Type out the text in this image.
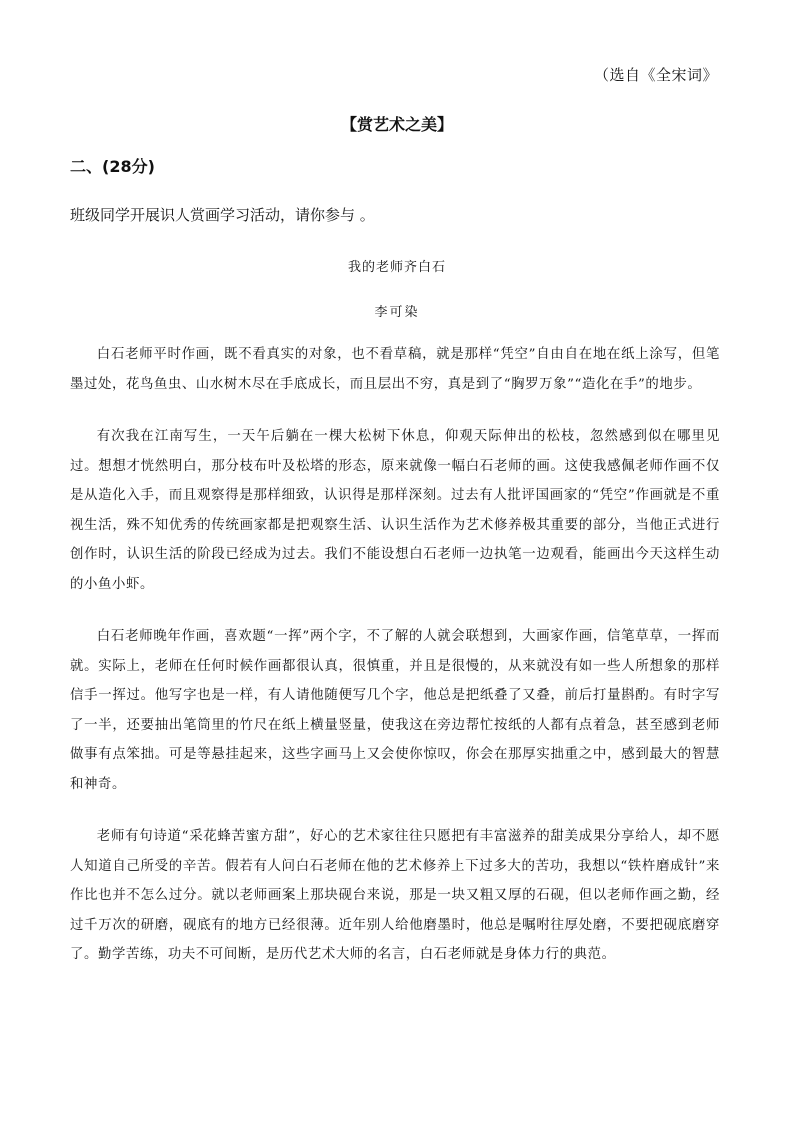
（选自《全宋词》
【赏艺术之美】
二、(28分)
班级同学开展识人赏画学习活动，请你参与 。
我的老师齐白石
李可染

白石老师平时作画，既不看真实的对象，也不看草稿，就是那样“凭空”自由自在地在纸上涂写，但笔墨过处，花鸟鱼虫、山水树木尽在手底成长，而且层出不穷，真是到了“胸罗万象”“造化在手”的地步。

有次我在江南写生，一天午后躺在一棵大松树下休息，仰观天际伸出的松枝，忽然感到似在哪里见过。想想才恍然明白，那分枝布叶及松塔的形态，原来就像一幅白石老师的画。这使我感佩老师作画不仅是从造化入手，而且观察得是那样细致，认识得是那样深刻。过去有人批评国画家的“凭空”作画就是不重视生活，殊不知优秀的传统画家都是把观察生活、认识生活作为艺术修养极其重要的部分，当他正式进行创作时，认识生活的阶段已经成为过去。我们不能设想白石老师一边执笔一边观看，能画出今天这样生动的小鱼小虾。

白石老师晚年作画，喜欢题“一挥”两个字，不了解的人就会联想到，大画家作画，信笔草草，一挥而就。实际上，老师在任何时候作画都很认真，很慎重，并且是很慢的，从来就没有如一些人所想象的那样信手一挥过。他写字也是一样，有人请他随便写几个字，他总是把纸叠了又叠，前后打量斟酌。有时字写了一半，还要抽出笔筒里的竹尺在纸上横量竖量，使我这在旁边帮忙按纸的人都有点着急，甚至感到老师做事有点笨拙。可是等悬挂起来，这些字画马上又会使你惊叹，你会在那厚实拙重之中，感到最大的智慧和神奇。

老师有句诗道“采花蜂苦蜜方甜”，好心的艺术家往往只愿把有丰富滋养的甜美成果分享给人，却不愿人知道自己所受的辛苦。假若有人问白石老师在他的艺术修养上下过多大的苦功，我想以“铁杵磨成针”来作比也并不怎么过分。就以老师画案上那块砚台来说，那是一块又粗又厚的石砚，但以老师作画之勤，经过千万次的研磨，砚底有的地方已经很薄。近年别人给他磨墨时，他总是嘱咐往厚处磨，不要把砚底磨穿了。勤学苦练，功夫不可间断，是历代艺术大师的名言，白石老师就是身体力行的典范。
